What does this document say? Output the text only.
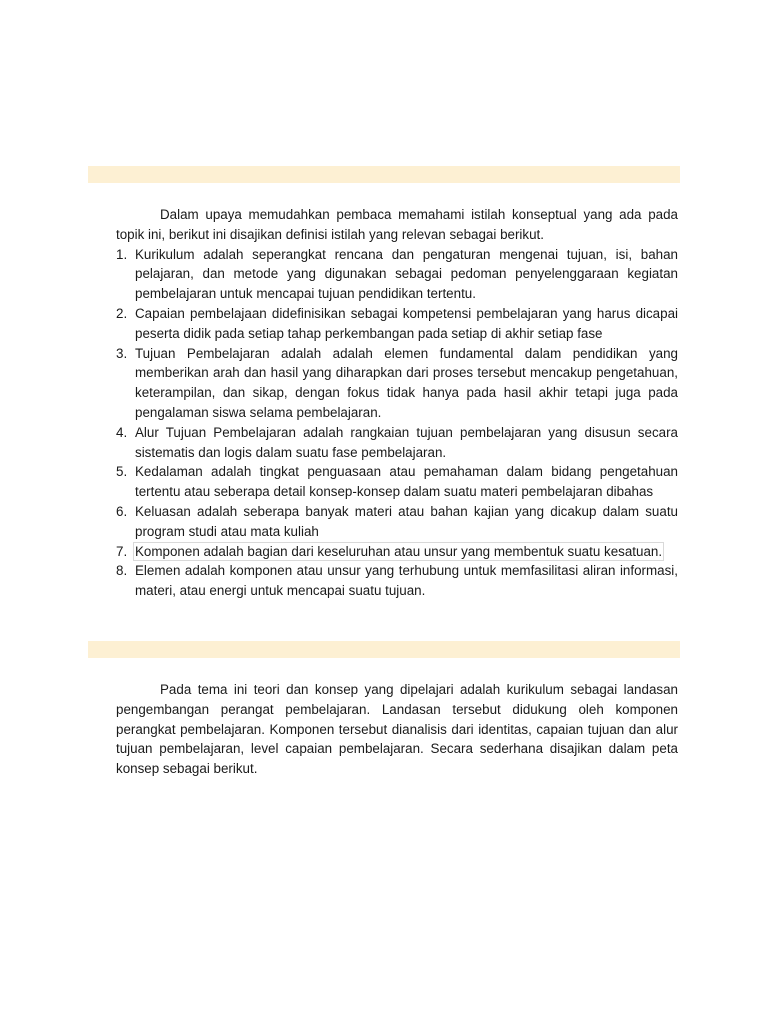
Dalam upaya memudahkan pembaca memahami istilah konseptual yang ada pada topik ini, berikut ini disajikan definisi istilah yang relevan sebagai berikut.

1. Kurikulum adalah seperangkat rencana dan pengaturan mengenai tujuan, isi, bahan pelajaran, dan metode yang digunakan sebagai pedoman penyelenggaraan kegiatan pembelajaran untuk mencapai tujuan pendidikan tertentu.
2. Capaian pembelajaan didefinisikan sebagai kompetensi pembelajaran yang harus dicapai peserta didik pada setiap tahap perkembangan pada setiap di akhir setiap fase
3. Tujuan Pembelajaran adalah adalah elemen fundamental dalam pendidikan yang memberikan arah dan hasil yang diharapkan dari proses tersebut mencakup pengetahuan, keterampilan, dan sikap, dengan fokus tidak hanya pada hasil akhir tetapi juga pada pengalaman siswa selama pembelajaran.
4. Alur Tujuan Pembelajaran adalah rangkaian tujuan pembelajaran yang disusun secara sistematis dan logis dalam suatu fase pembelajaran.
5. Kedalaman adalah tingkat penguasaan atau pemahaman dalam bidang pengetahuan tertentu atau seberapa detail konsep-konsep dalam suatu materi pembelajaran dibahas
6. Keluasan adalah seberapa banyak materi atau bahan kajian yang dicakup dalam suatu program studi atau mata kuliah
7. Komponen adalah bagian dari keseluruhan atau unsur yang membentuk suatu kesatuan.
8. Elemen adalah komponen atau unsur yang terhubung untuk memfasilitasi aliran informasi, materi, atau energi untuk mencapai suatu tujuan.

Pada tema ini teori dan konsep yang dipelajari adalah kurikulum sebagai landasan pengembangan perangat pembelajaran. Landasan tersebut didukung oleh komponen perangkat pembelajaran. Komponen tersebut dianalisis dari identitas, capaian tujuan dan alur tujuan pembelajaran, level capaian pembelajaran. Secara sederhana disajikan dalam peta konsep sebagai berikut.
